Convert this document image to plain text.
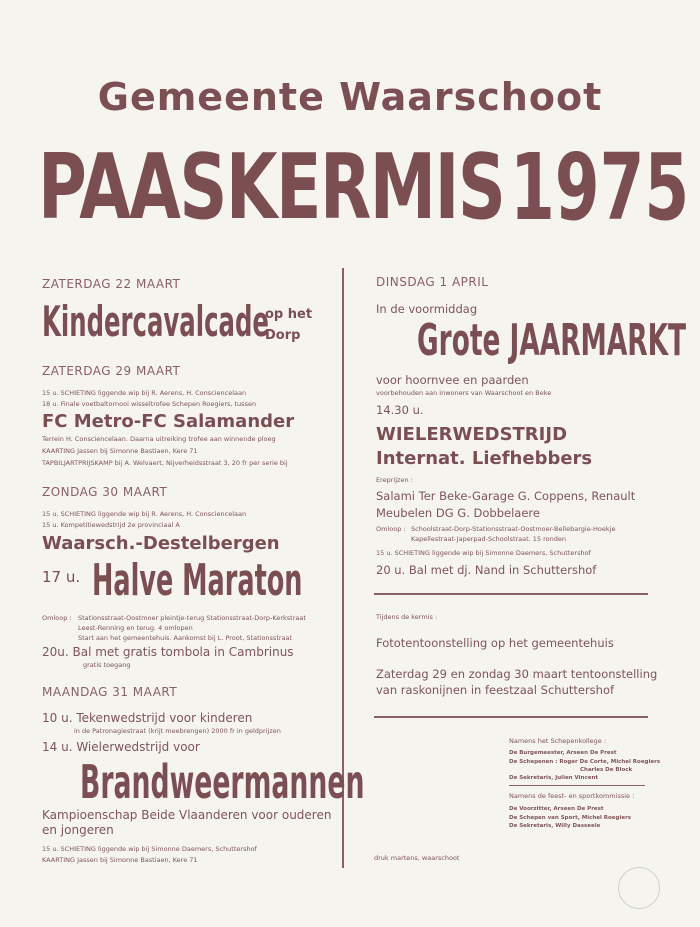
Gemeente Waarschoot
PAASKERMIS 1975
ZATERDAG 22 MAART
Kindercavalcade
op het
Dorp
ZATERDAG 29 MAART
15 u. SCHIETING liggende wip bij R. Aerens, H. Consciencelaan
18 u. Finale voetbaltornooi wisseltrofee Schepen Roegiers, tussen
FC Metro-FC Salamander
Terrein H. Consciencelaan. Daarna uitreiking trofee aan winnende ploeg
KAARTING Jassen bij Simonne Bastiaen, Kere 71
TAPBILJARTPRIJSKAMP bij A. Welvaert, Nijverheidsstraat 3, 20 fr per serie bij
ZONDAG 30 MAART
15 u. SCHIETING liggende wip bij R. Aerens, H. Consciencelaan
15 u. Kompetitiewedstrijd 2e provinciaal A
Waarsch.-Destelbergen
17 u. Halve Maraton
Omloop : Stationsstraat-Oostmoer pleintje-terug Stationsstraat-Dorp-Kerkstraat
Leest-Renning en terug. 4 omlopen
Start aan het gemeentehuis. Aankomst bij L. Proot, Stationsstraat
20u. Bal met gratis tombola in Cambrinus
gratis toegang
MAANDAG 31 MAART
10 u. Tekenwedstrijd voor kinderen
in de Patronagiestraat (krijt meebrengen) 2000 fr in geldprijzen
14 u. Wielerwedstrijd voor
Brandweermannen
Kampioenschap Beide Vlaanderen voor ouderen
en jongeren
15 u. SCHIETING liggende wip bij Simonne Daemers, Schuttershof
KAARTING Jassen bij Simonne Bastiaen, Kere 71
DINSDAG 1 APRIL
In de voormiddag
Grote JAARMARKT
voor hoornvee en paarden
voorbehouden aan inwoners van Waarschoot en Beke
14.30 u.
WIELERWEDSTRIJD
Internat. Liefhebbers
Ereprijzen :
Salami Ter Beke-Garage G. Coppens, Renault
Meubelen DG G. Dobbelaere
Omloop : Schoolstraat-Dorp-Stationsstraat-Oostmoer-Bellebargie-Hoekje
Kapellestraat-Japerpad-Schoolstraat. 15 ronden
15 u. SCHIETING liggende wip bij Simonne Daemers, Schuttershof
20 u. Bal met dj. Nand in Schuttershof
Tijdens de kermis :
Fototentoonstelling op het gemeentehuis
Zaterdag 29 en zondag 30 maart tentoonstelling
van raskonijnen in feestzaal Schuttershof
Namens het Schepenkollege :
De Burgemeester, Arseen De Prest
De Schepenen : Roger De Corte, Michel Roegiers
Charles De Block
De Sekretaris, Julien Vincent
Namens de feest- en sportkommissie :
De Voorzitter, Arseen De Prest
De Schepen van Sport, Michel Roegiers
De Sekretaris, Willy Dasseele
druk martens, waarschoot
